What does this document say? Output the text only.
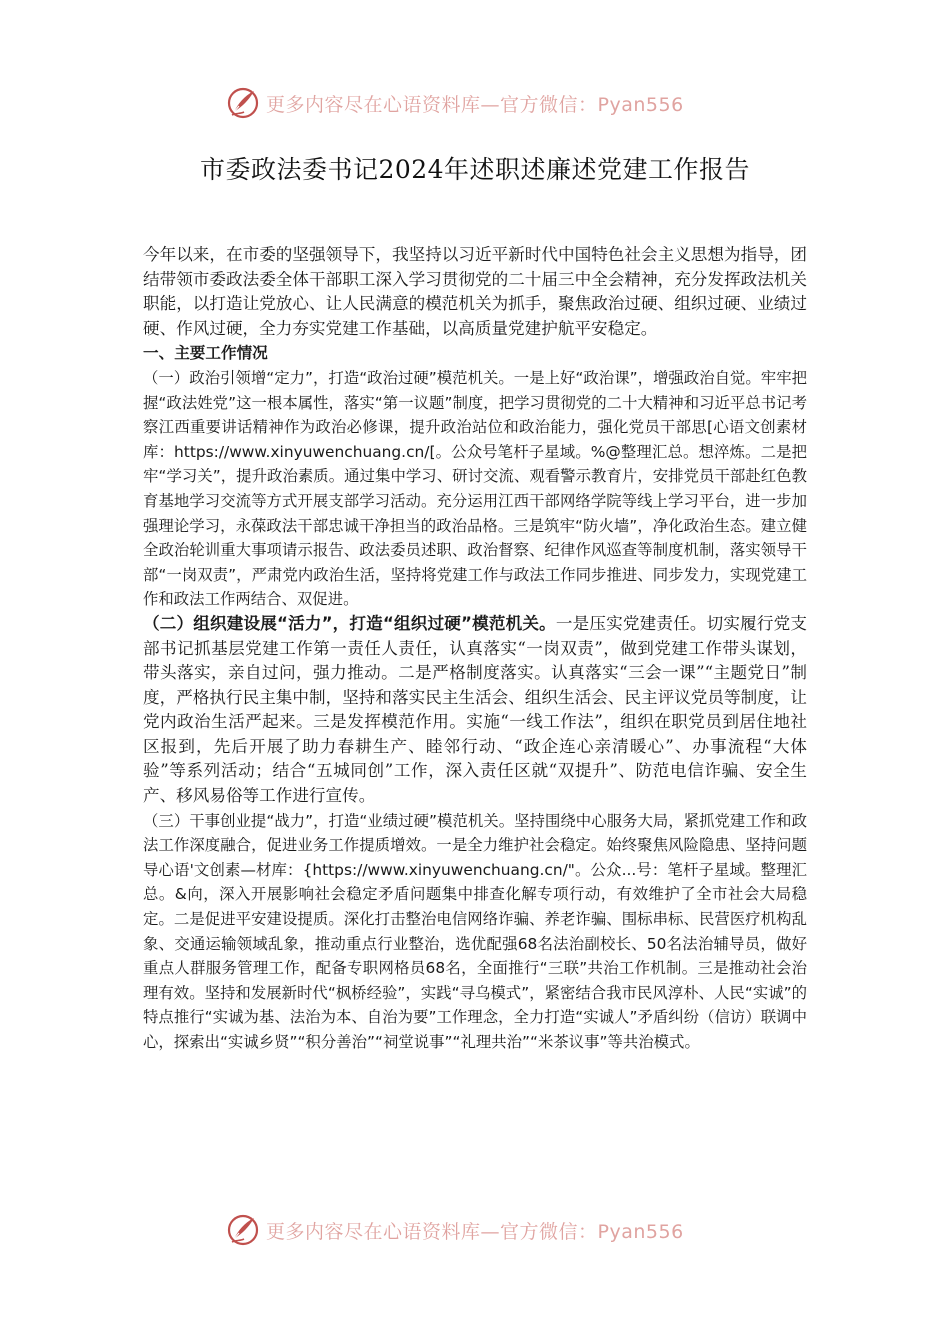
更多内容尽在心语资料库—官方微信：Pyan556
市委政法委书记2024年述职述廉述党建工作报告

今年以来，在市委的坚强领导下，我坚持以习近平新时代中国特色社会主义思想为指导，团结带领市委政法委全体干部职工深入学习贯彻党的二十届三中全会精神，充分发挥政法机关职能，以打造让党放心、让人民满意的模范机关为抓手，聚焦政治过硬、组织过硬、业绩过硬、作风过硬，全力夯实党建工作基础，以高质量党建护航平安稳定。

一、主要工作情况

（一）政治引领增“定力”，打造“政治过硬”模范机关。一是上好“政治课”，增强政治自觉。牢牢把握“政法姓党”这一根本属性，落实“第一议题”制度，把学习贯彻党的二十大精神和习近平总书记考察江西重要讲话精神作为政治必修课，提升政治站位和政治能力，强化党员干部思[心语文创素材库：https://www.xinyuwenchuang.cn/[。公众号笔杆子星域。%@整理汇总。想淬炼。二是把牢“学习关”，提升政治素质。通过集中学习、研讨交流、观看警示教育片，安排党员干部赴红色教育基地学习交流等方式开展支部学习活动。充分运用江西干部网络学院等线上学习平台，进一步加强理论学习，永葆政法干部忠诚干净担当的政治品格。三是筑牢“防火墙”，净化政治生态。建立健全政治轮训重大事项请示报告、政法委员述职、政治督察、纪律作风巡查等制度机制，落实领导干部“一岗双责”，严肃党内政治生活，坚持将党建工作与政法工作同步推进、同步发力，实现党建工作和政法工作两结合、双促进。

（二）组织建设展“活力”，打造“组织过硬”模范机关。一是压实党建责任。切实履行党支部书记抓基层党建工作第一责任人责任，认真落实“一岗双责”，做到党建工作带头谋划，带头落实，亲自过问，强力推动。二是严格制度落实。认真落实“三会一课”“主题党日”制度，严格执行民主集中制，坚持和落实民主生活会、组织生活会、民主评议党员等制度，让党内政治生活严起来。三是发挥模范作用。实施“一线工作法”，组织在职党员到居住地社区报到，先后开展了助力春耕生产、睦邻行动、“政企连心亲清暖心”、办事流程“大体验”等系列活动；结合“五城同创”工作，深入责任区就“双提升”、防范电信诈骗、安全生产、移风易俗等工作进行宣传。

（三）干事创业提“战力”，打造“业绩过硬”模范机关。坚持围绕中心服务大局，紧抓党建工作和政法工作深度融合，促进业务工作提质增效。一是全力维护社会稳定。始终聚焦风险隐患、坚持问题导心语'文创素—材库：{https://www.xinyuwenchuang.cn/"。公众...号：笔杆子星域。整理汇总。&向，深入开展影响社会稳定矛盾问题集中排查化解专项行动，有效维护了全市社会大局稳定。二是促进平安建设提质。深化打击整治电信网络诈骗、养老诈骗、围标串标、民营医疗机构乱象、交通运输领域乱象，推动重点行业整治，选优配强68名法治副校长、50名法治辅导员，做好重点人群服务管理工作，配备专职网格员68名，全面推行“三联”共治工作机制。三是推动社会治理有效。坚持和发展新时代“枫桥经验”，实践“寻乌模式”，紧密结合我市民风淳朴、人民“实诚”的特点推行“实诚为基、法治为本、自治为要”工作理念，全力打造“实诚人”矛盾纠纷（信访）联调中心，探索出“实诚乡贤”“积分善治”“祠堂说事”“礼理共治”“米茶议事”等共治模式。

更多内容尽在心语资料库—官方微信：Pyan556
